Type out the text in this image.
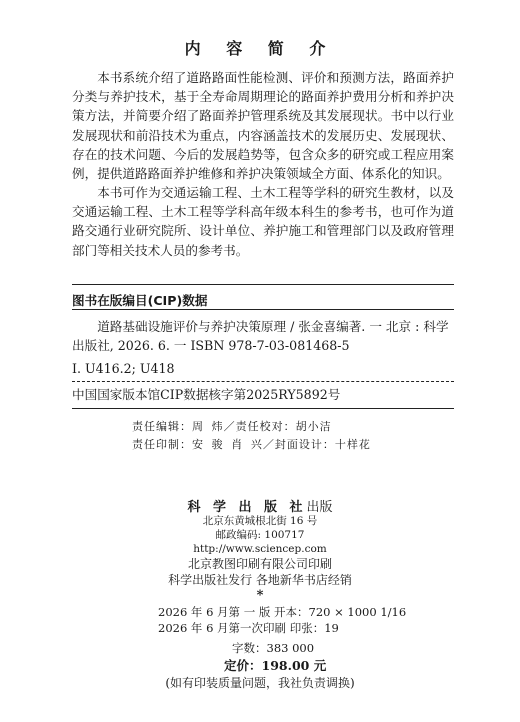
内 容 简 介

本书系统介绍了道路路面性能检测、评价和预测方法，路面养护分类与养护技术，基于全寿命周期理论的路面养护费用分析和养护决策方法，并简要介绍了路面养护管理系统及其发展现状。书中以行业发展现状和前沿技术为重点，内容涵盖技术的发展历史、发展现状、存在的技术问题、今后的发展趋势等，包含众多的研究或工程应用案例，提供道路路面养护维修和养护决策领域全方面、体系化的知识。

本书可作为交通运输工程、土木工程等学科的研究生教材，以及交通运输工程、土木工程等学科高年级本科生的参考书，也可作为道路交通行业研究院所、设计单位、养护施工和管理部门以及政府管理部门等相关技术人员的参考书。

图书在版编目(CIP)数据

道路基础设施评价与养护决策原理 / 张金喜编著. 一 北京 : 科学出版社, 2026. 6. 一 ISBN 978-7-03-081468-5

Ⅰ. U416.2; U418
中国国家版本馆CIP数据核字第2025RY5892号
责任编辑：周 炜／责任校对：胡小洁
责任印制：安 骏 肖 兴／封面设计：十样花
科 学 出 版 社出版
北京东黄城根北街 16 号
邮政编码: 100717
http://www.sciencep.com
北京教图印刷有限公司印刷
科学出版社发行 各地新华书店经销
*
2026 年 6 月第 一 版 开本：720 × 1000 1/16
2026 年 6 月第一次印刷 印张：19
字数：383 000
定价：198.00 元
(如有印装质量问题，我社负责调换)
